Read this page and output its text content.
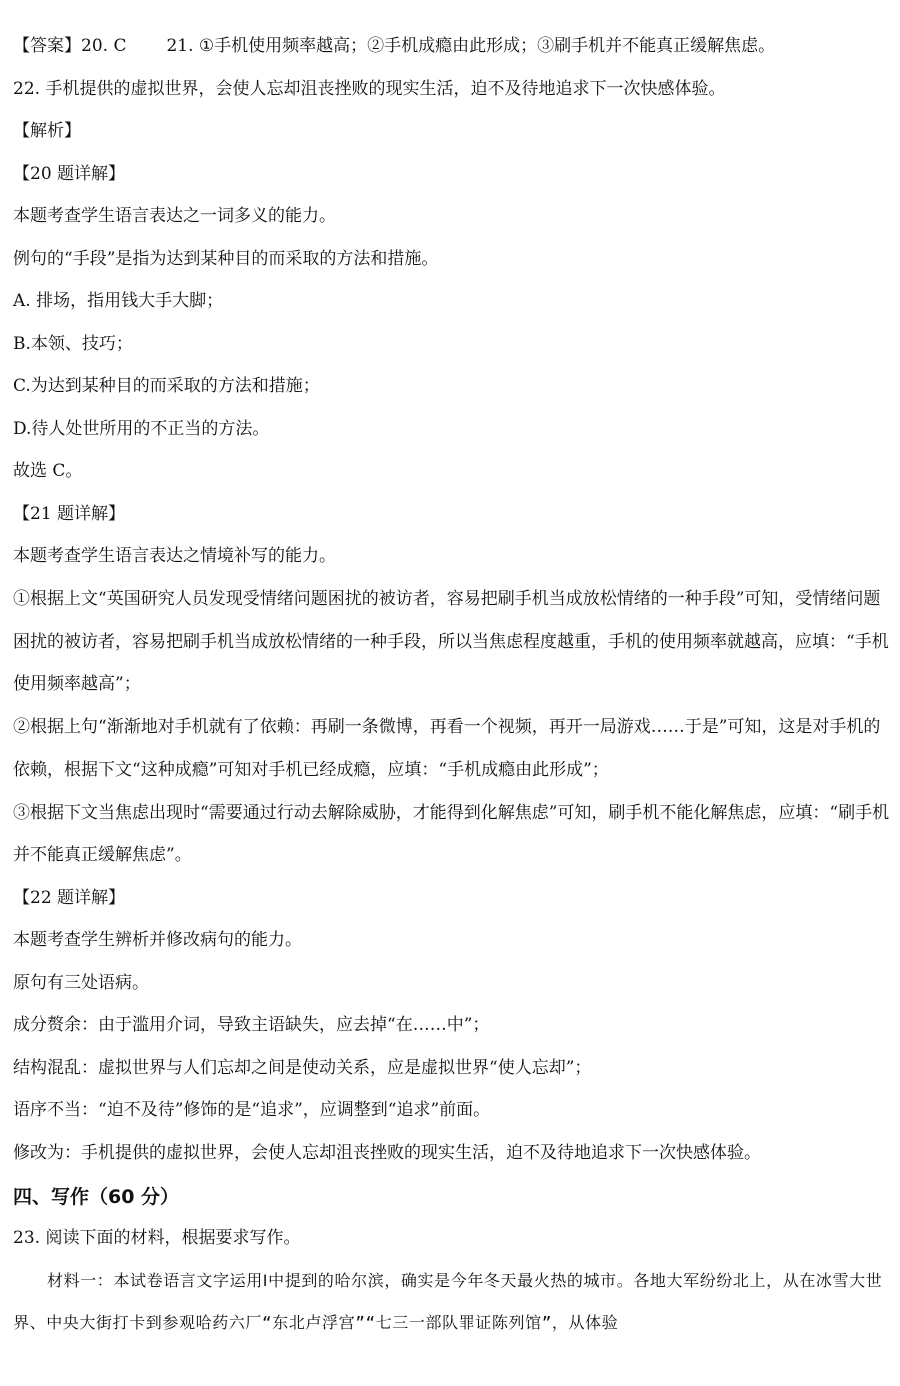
【答案】20. C 21. ①手机使用频率越高；②手机成瘾由此形成；③刷手机并不能真正缓解焦虑。
22. 手机提供的虚拟世界，会使人忘却沮丧挫败的现实生活，迫不及待地追求下一次快感体验。
【解析】
【20 题详解】
本题考查学生语言表达之一词多义的能力。
例句的“手段”是指为达到某种目的而采取的方法和措施。
A. 排场，指用钱大手大脚；
B.本领、技巧；
C.为达到某种目的而采取的方法和措施；
D.待人处世所用的不正当的方法。
故选 C。
【21 题详解】
本题考查学生语言表达之情境补写的能力。
①根据上文“英国研究人员发现受情绪问题困扰的被访者，容易把刷手机当成放松情绪的一种手段”可知，受情绪问题困扰的被访者，容易把刷手机当成放松情绪的一种手段，所以当焦虑程度越重，手机的使用频率就越高，应填：“手机使用频率越高”；
②根据上句“渐渐地对手机就有了依赖：再刷一条微博，再看一个视频，再开一局游戏……于是”可知，这是对手机的依赖，根据下文“这种成瘾”可知对手机已经成瘾，应填：“手机成瘾由此形成”；
③根据下文当焦虑出现时“需要通过行动去解除威胁，才能得到化解焦虑”可知，刷手机不能化解焦虑，应填：“刷手机并不能真正缓解焦虑”。
【22 题详解】
本题考查学生辨析并修改病句的能力。
原句有三处语病。
成分赘余：由于滥用介词，导致主语缺失，应去掉“在……中”；
结构混乱：虚拟世界与人们忘却之间是使动关系，应是虚拟世界“使人忘却”；
语序不当：“迫不及待”修饰的是“追求”，应调整到“追求”前面。
修改为：手机提供的虚拟世界，会使人忘却沮丧挫败的现实生活，迫不及待地追求下一次快感体验。
四、写作（60 分）
23. 阅读下面的材料，根据要求写作。
材料一：本试卷语言文字运用Ⅰ中提到的哈尔滨，确实是今年冬天最火热的城市。各地大军纷纷北上，从在冰雪大世界、中央大街打卡到参观哈药六厂“东北卢浮宫”“七三一部队罪证陈列馆”，从体验
